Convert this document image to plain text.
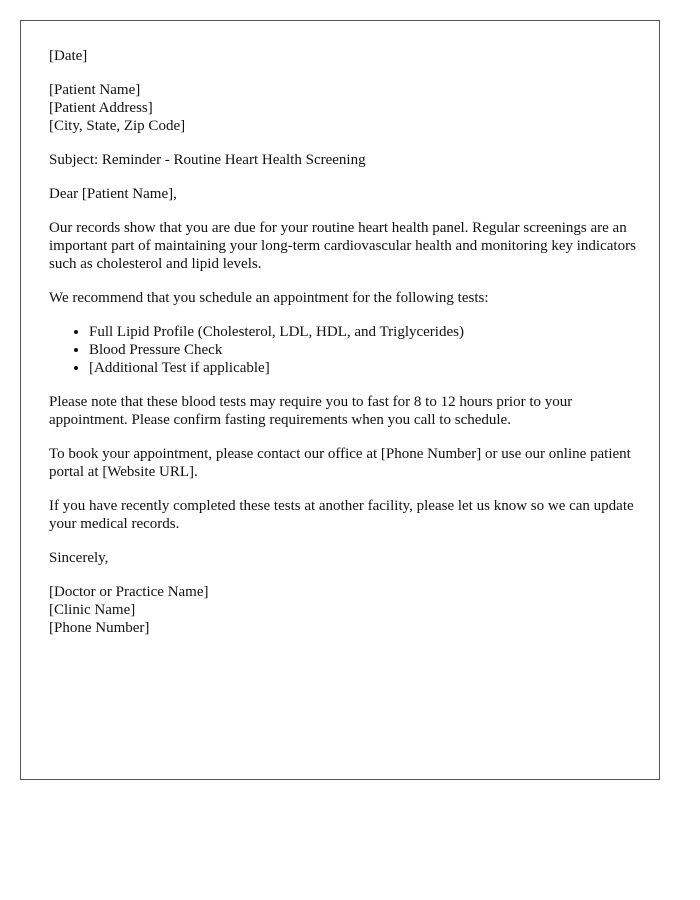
[Date]
[Patient Name]
[Patient Address]
[City, State, Zip Code]

Subject: Reminder - Routine Heart Health Screening

Dear [Patient Name],

Our records show that you are due for your routine heart health panel. Regular screenings are an important part of maintaining your long-term cardiovascular health and monitoring key indicators such as cholesterol and lipid levels.

We recommend that you schedule an appointment for the following tests:

• Full Lipid Profile (Cholesterol, LDL, HDL, and Triglycerides)
• Blood Pressure Check
• [Additional Test if applicable]

Please note that these blood tests may require you to fast for 8 to 12 hours prior to your appointment. Please confirm fasting requirements when you call to schedule.

To book your appointment, please contact our office at [Phone Number] or use our online patient portal at [Website URL].

If you have recently completed these tests at another facility, please let us know so we can update your medical records.

Sincerely,

[Doctor or Practice Name]
[Clinic Name]
[Phone Number]
